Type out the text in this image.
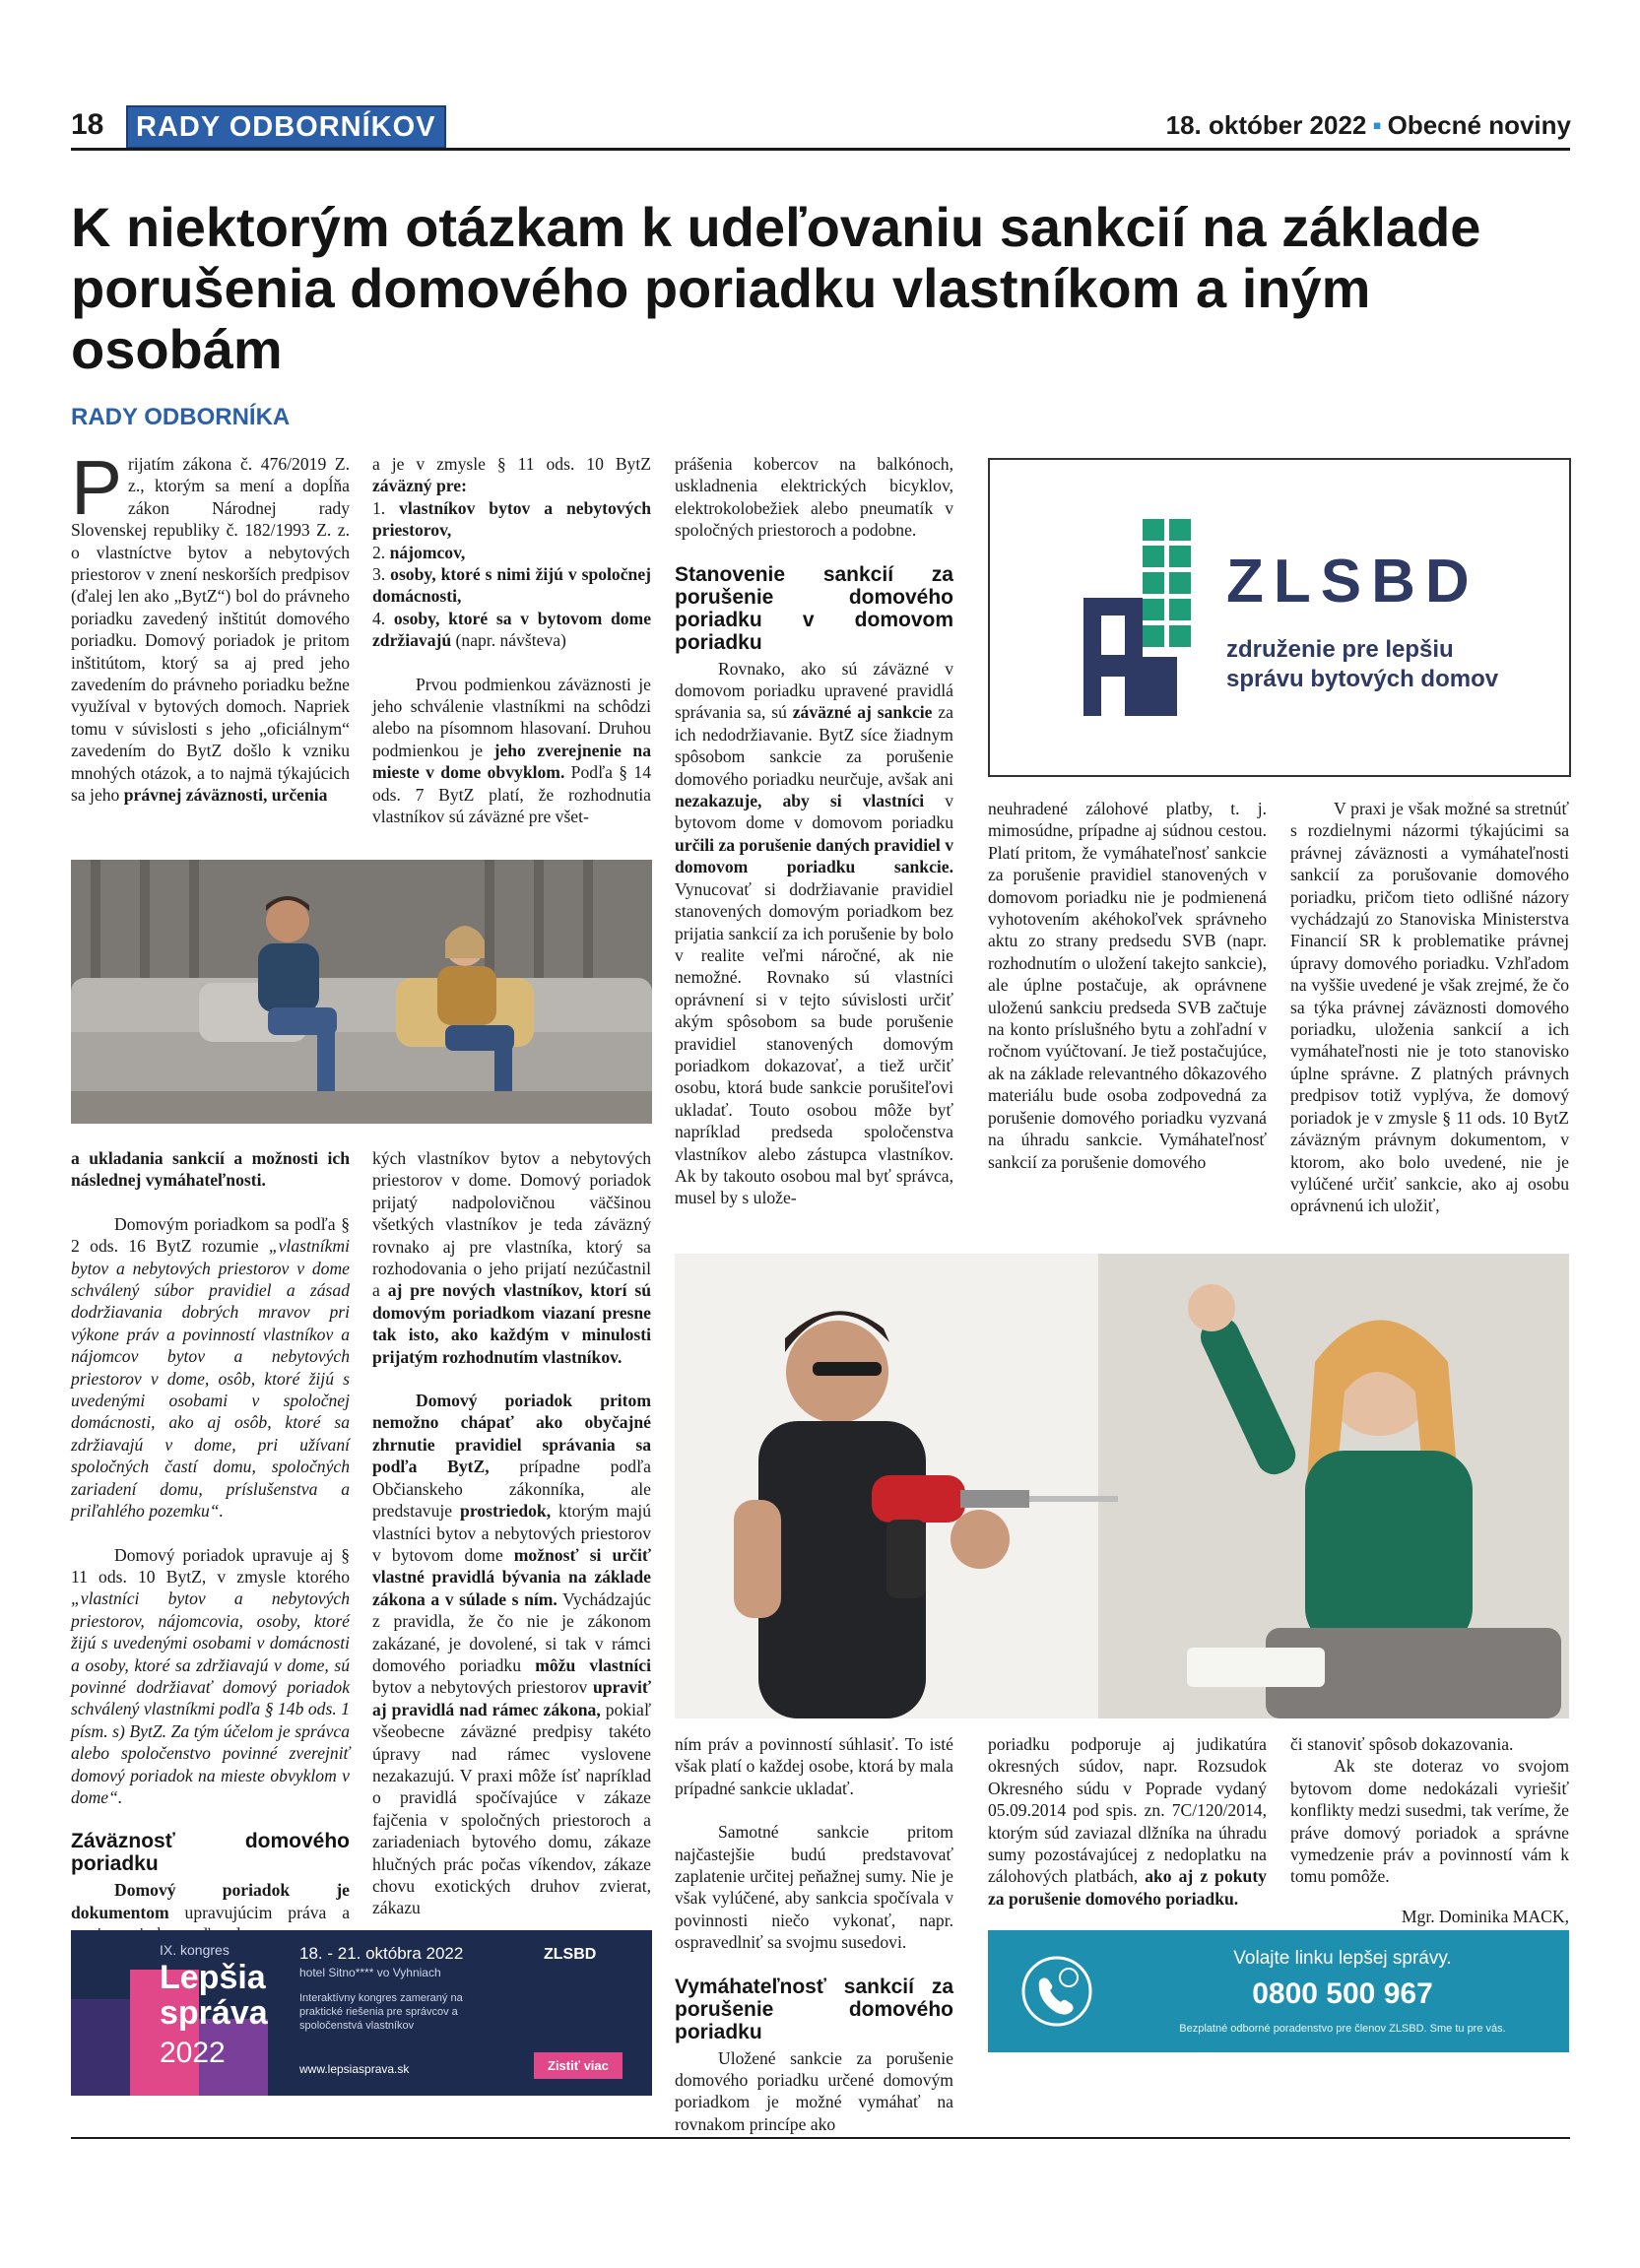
18	RADY ODBORNÍKOV	18. október 2022 ▪ Obecné noviny
K niektorým otázkam k udeľovaniu sankcií na základe porušenia domového poriadku vlastníkom a iným osobám
RADY ODBORNÍKA

Prijatím zákona č. 476/2019 Z. z., ktorým sa mení a dopĺňa zákon Národnej rady Slovenskej republiky č. 182/1993 Z. z. o vlastníctve bytov a nebytových priestorov v znení neskorších predpisov (ďalej len ako „BytZ“) bol do právneho poriadku zavedený inštitút domového poriadku. Domový poriadok je pritom inštitútom, ktorý sa aj pred jeho zavedením do právneho poriadku bežne využíval v bytových domoch. Napriek tomu v súvislosti s jeho „oficiálnym“ zavedením do BytZ došlo k vzniku mnohých otázok, a to najmä týkajúcich sa jeho právnej záväznosti, určenia

a je v zmysle § 11 ods. 10 BytZ záväzný pre:
1. vlastníkov bytov a nebytových priestorov,
2. nájomcov,
3. osoby, ktoré s nimi žijú v spoločnej domácnosti,
4. osoby, ktoré sa v bytovom dome zdržiavajú (napr. návšteva)

Prvou podmienkou záväznosti je jeho schválenie vlastníkmi na schôdzi alebo na písomnom hlasovaní. Druhou podmienkou je jeho zverejnenie na mieste v dome obvyklom. Podľa § 14 ods. 7 BytZ platí, že rozhodnutia vlastníkov sú záväzné pre všet-

a ukladania sankcií a možnosti ich následnej vymáhateľnosti.

Domovým poriadkom sa podľa § 2 ods. 16 BytZ rozumie „vlastníkmi bytov a nebytových priestorov v dome schválený súbor pravidiel a zásad dodržiavania dobrých mravov pri výkone práv a povinností vlastníkov a nájomcov bytov a nebytových priestorov v dome, osôb, ktoré žijú s uvedenými osobami v spoločnej domácnosti, ako aj osôb, ktoré sa zdržiavajú v dome, pri užívaní spoločných častí domu, spoločných zariadení domu, príslušenstva a priľahlého pozemku“.

Domový poriadok upravuje aj § 11 ods. 10 BytZ, v zmysle ktorého „vlastníci bytov a nebytových priestorov, nájomcovia, osoby, ktoré žijú s uvedenými osobami v domácnosti a osoby, ktoré sa zdržiavajú v dome, sú povinné dodržiavať domový poriadok schválený vlastníkmi podľa § 14b ods. 1 písm. s) BytZ. Za tým účelom je správca alebo spoločenstvo povinné zverejniť domový poriadok na mieste obvyklom v dome“.

Záväznosť domového poriadku

Domový poriadok je dokumentom upravujúcim práva a

kých vlastníkov bytov a nebytových priestorov v dome. Domový poriadok prijatý nadpolovičnou väčšinou všetkých vlastníkov je teda záväzný rovnako aj pre vlastníka, ktorý sa rozhodovania o jeho prijatí nezúčastnil a aj pre nových vlastníkov, ktorí sú domovým poriadkom viazaní presne tak isto, ako každým v minulosti prijatým rozhodnutím vlastníkov.

Domový poriadok pritom nemožno chápať ako obyčajné zhrnutie pravidiel správania sa podľa BytZ, prípadne podľa Občianskeho zákonníka, ale predstavuje prostriedok, ktorým majú vlastníci bytov a nebytových priestorov v bytovom dome možnosť si určiť vlastné pravidlá bývania na základe zákona a v súlade s ním. Vychádzajúc z pravidla, že čo nie je zákonom zakázané, je dovolené, si tak v rámci domového poriadku môžu vlastníci bytov a nebytových priestorov upraviť aj pravidlá nad rámec zákona, pokiaľ všeobecne záväzné predpisy takéto úpravy nad rámec vyslovene nezakazujú. V praxi môže ísť napríklad o pravidlá spočívajúce v zákaze fajčenia v spoločných priestoroch a zariadeniach bytového domu, zákaze hlučných prác počas víkendov, zákaze chovu exotických druhov zvierat, zákazu

prášenia kobercov na balkónoch, uskladnenia elektrických bicyklov, elektrokolobežiek alebo pneumatík v spoločných priestoroch a podobne.

Stanovenie sankcií za porušenie domového poriadku v domovom poriadku

Rovnako, ako sú záväzné v domovom poriadku upravené pravidlá správania sa, sú záväzné aj sankcie za ich nedodržiavanie. BytZ síce žiadnym spôsobom sankcie za porušenie domového poriadku neurčuje, avšak ani nezakazuje, aby si vlastníci v bytovom dome v domovom poriadku určili za porušenie daných pravidiel v domovom poriadku sankcie. Vynucovať si dodržiavanie pravidiel stanovených domovým poriadkom bez prijatia sankcií za ich porušenie by bolo v realite veľmi náročné, ak nie nemožné. Rovnako sú vlastníci oprávnení si v tejto súvislosti určiť akým spôsobom sa bude porušenie pravidiel stanovených domovým poriadkom dokazovať, a tiež určiť osobu, ktorá bude sankcie porušiteľovi ukladať. Touto osobou môže byť napríklad predseda spoločenstva vlastníkov alebo zástupca vlastníkov. Ak by takouto osobou mal byť správca, musel by s ulože-

ZLSBD
združenie pre lepšiu
správu bytových domov

neuhradené zálohové platby, t. j. mimosúdne, prípadne aj súdnou cestou. Platí pritom, že vymáhateľnosť sankcie za porušenie pravidiel stanovených v domovom poriadku nie je podmienená vyhotovením akéhokoľvek správneho aktu zo strany predsedu SVB (napr. rozhodnutím o uložení takejto sankcie), ale úplne postačuje, ak oprávnene uloženú sankciu predseda SVB začtuje na konto príslušného bytu a zohľadní v ročnom vyúčtovaní. Je tiež postačujúce, ak na základe relevantného dôkazového materiálu bude osoba zodpovedná za porušenie domového poriadku vyzvaná na úhradu sankcie. Vymáhateľnosť sankcií za porušenie domového

V praxi je však možné sa stretnúť s rozdielnymi názormi týkajúcimi sa právnej záväznosti a vymáhateľnosti sankcií za porušovanie domového poriadku, pričom tieto odlišné názory vychádzajú zo Stanoviska Ministerstva Financií SR k problematike právnej úpravy domového poriadku. Vzhľadom na vyššie uvedené je však zrejmé, že čo sa týka právnej záväznosti domového poriadku, uloženia sankcií a ich vymáhateľnosti nie je toto stanovisko úplne správne. Z platných právnych predpisov totiž vyplýva, že domový poriadok je v zmysle § 11 ods. 10 BytZ záväzným právnym dokumentom, v ktorom, ako bolo uvedené, nie je vylúčené určiť sankcie, ako aj osobu oprávnenú ich uložiť,

ním práv a povinností súhlasiť. To isté však platí o každej osobe, ktorá by mala prípadné sankcie ukladať.

Samotné sankcie pritom najčastejšie budú predstavovať zaplatenie určitej peňažnej sumy. Nie je však vylúčené, aby sankcia spočívala v povinnosti niečo vykonať, napr. ospravedlniť sa svojmu susedovi.

Vymáhateľnosť sankcií za porušenie domového poriadku

Uložené sankcie za porušenie domového poriadku určené domovým poriadkom je možné vymáhať na rovnakom princípe ako

poriadku podporuje aj judikatúra okresných súdov, napr. Rozsudok Okresného súdu v Poprade vydaný 05.09.2014 pod spis. zn. 7C/120/2014, ktorým súd zaviazal dlžníka na úhradu sumy pozostávajúcej z nedoplatku na zálohových platbách, ako aj z pokuty za porušenie domového poriadku.

či stanoviť spôsob dokazovania.
Ak ste doteraz vo svojom bytovom dome nedokázali vyriešiť konflikty medzi susedmi, tak veríme, že práve domový poriadok a správne vymedzenie práv a povinností vám k tomu pomôže.

Mgr. Dominika MACK,
IX. kongres
Lepšia
správa
2022
18. - 21. októbra 2022
hotel Sitno**** vo Vyhniach
Interaktívny kongres zameraný na praktické riešenia pre správcov a spoločenstvá vlastníkov
www.lepsiasprava.sk
ZLSBD
Zistiť viac
Volajte linku lepšej správy.
0800 500 967
Bezplatné odborné poradenstvo pre členov ZLSBD. Sme tu pre vás.
